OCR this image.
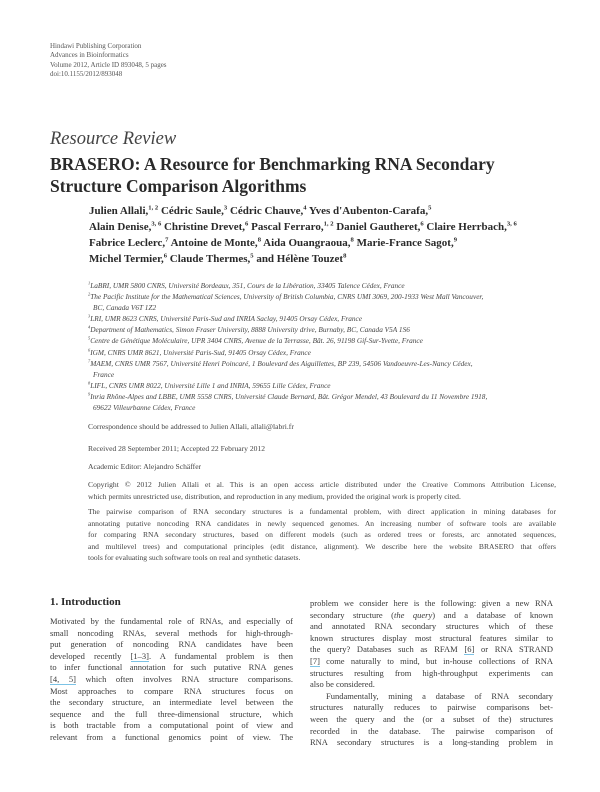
Hindawi Publishing Corporation
Advances in Bioinformatics
Volume 2012, Article ID 893048, 5 pages
doi:10.1155/2012/893048
Resource Review
BRASERO: A Resource for Benchmarking RNA Secondary
Structure Comparison Algorithms
Julien Allali,$^{1, 2}$ Cédric Saule,$^3$ Cédric Chauve,$^4$ Yves d'Aubenton-Carafa,$^5$
Alain Denise,$^{3, 6}$ Christine Drevet,$^6$ Pascal Ferraro,$^{1, 2}$ Daniel Gautheret,$^6$ Claire Herrbach,$^{3, 6}$
Fabrice Leclerc,$^7$ Antoine de Monte,$^8$ Aida Ouangraoua,$^8$ Marie-France Sagot,$^9$
Michel Termier,$^6$ Claude Thermes,$^5$ and Hélène Touzet$^8$
$^1$LaBRI, UMR 5800 CNRS, Université Bordeaux, 351, Cours de la Libération, 33405 Talence Cédex, France
$^2$The Pacific Institute for the Mathematical Sciences, University of British Columbia, CNRS UMI 3069, 200-1933 West Mall Vancouver,
BC, Canada V6T 1Z2
$^3$LRI, UMR 8623 CNRS, Université Paris-Sud and INRIA Saclay, 91405 Orsay Cédex, France
$^4$Department of Mathematics, Simon Fraser University, 8888 University drive, Burnaby, BC, Canada V5A 1S6
$^5$Centre de Génétique Moléculaire, UPR 3404 CNRS, Avenue de la Terrasse, Bât. 26, 91198 Gif-Sur-Yvette, France
$^6$IGM, CNRS UMR 8621, Université Paris-Sud, 91405 Orsay Cédex, France
$^7$MAEM, CNRS UMR 7567, Université Henri Poincaré, 1 Boulevard des Aiguillettes, BP 239, 54506 Vandoeuvre-Les-Nancy Cédex,
France
$^8$LIFL, CNRS UMR 8022, Université Lille 1 and INRIA, 59655 Lille Cédex, France
$^9$Inria Rhône-Alpes and LBBE, UMR 5558 CNRS, Université Claude Bernard, Bât. Grégor Mendel, 43 Boulevard du 11 Novembre 1918,
69622 Villeurbanne Cédex, France
Correspondence should be addressed to Julien Allali, allali@labri.fr
Received 28 September 2011; Accepted 22 February 2012
Academic Editor: Alejandro Schäffer
Copyright © 2012 Julien Allali et al. This is an open access article distributed under the Creative Commons Attribution License,
which permits unrestricted use, distribution, and reproduction in any medium, provided the original work is properly cited.
The pairwise comparison of RNA secondary structures is a fundamental problem, with direct application in mining databases for
annotating putative noncoding RNA candidates in newly sequenced genomes. An increasing number of software tools are available
for comparing RNA secondary structures, based on different models (such as ordered trees or forests, arc annotated sequences,
and multilevel trees) and computational principles (edit distance, alignment). We describe here the website BRASERO that offers
tools for evaluating such software tools on real and synthetic datasets.
1. Introduction
Motivated by the fundamental role of RNAs, and especially of
small noncoding RNAs, several methods for high-through-
put generation of noncoding RNA candidates have been
developed recently [1–3]. A fundamental problem is then
to infer functional annotation for such putative RNA genes
[4, 5] which often involves RNA structure comparisons.
Most approaches to compare RNA structures focus on
the secondary structure, an intermediate level between the
sequence and the full three-dimensional structure, which
is both tractable from a computational point of view and
relevant from a functional genomics point of view. The
problem we consider here is the following: given a new RNA
secondary structure (the query) and a database of known
and annotated RNA secondary structures which of these
known structures display most structural features similar to
the query? Databases such as RFAM [6] or RNA STRAND
[7] come naturally to mind, but in-house collections of RNA
structures resulting from high-throughput experiments can
also be considered.
Fundamentally, mining a database of RNA secondary
structures naturally reduces to pairwise comparisons bet-
ween the query and the (or a subset of the) structures
recorded in the database. The pairwise comparison of
RNA secondary structures is a long-standing problem in
